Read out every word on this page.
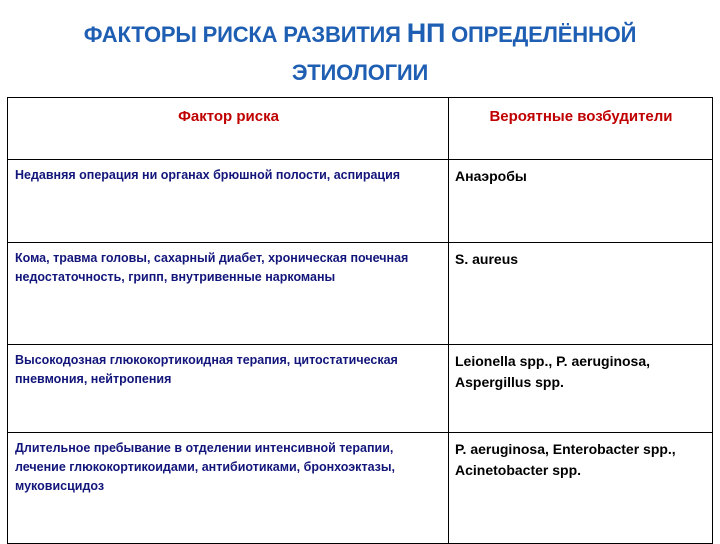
ФАКТОРЫ РИСКА РАЗВИТИЯ НП ОПРЕДЕЛЁННОЙ
ЭТИОЛОГИИ
Фактор риска	Вероятные возбудители
Недавняя операция ни органах брюшной полости, аспирация	Анаэробы
Кома, травма головы, сахарный диабет, хроническая почечная недостаточность, грипп, внутривенные наркоманы	S. aureus
Высокодозная глюкокортикоидная терапия, цитостатическая пневмония, нейтропения	Leionella spp., P. aeruginosa, Aspergillus spp.
Длительное пребывание в отделении интенсивной терапии, лечение глюкокортикоидами, антибиотиками, бронхоэктазы, муковисцидоз	P. aeruginosa, Enterobacter spp., Acinetobacter spp.
